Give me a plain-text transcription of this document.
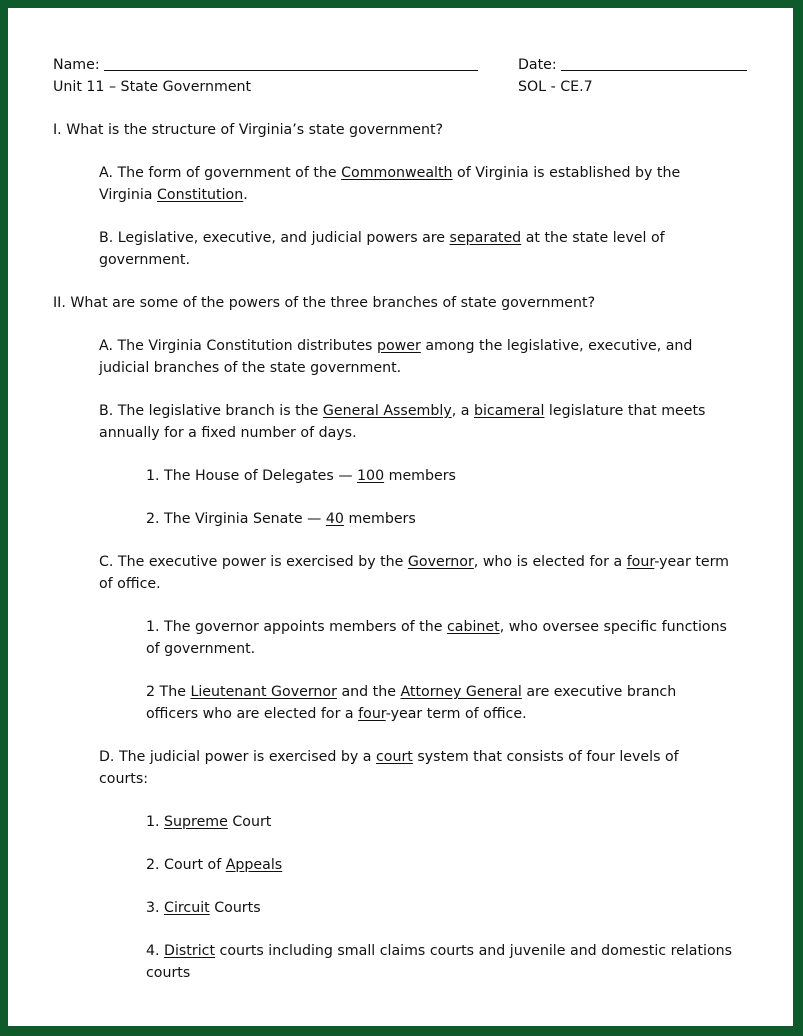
Name:	Date:
Unit 11 – State Government	SOL - CE.7
I. What is the structure of Virginia’s state government?
A. The form of government of the Commonwealth of Virginia is established by the
Virginia Constitution.
B. Legislative, executive, and judicial powers are separated at the state level of
government.
II. What are some of the powers of the three branches of state government?
A. The Virginia Constitution distributes power among the legislative, executive, and
judicial branches of the state government.
B. The legislative branch is the General Assembly, a bicameral legislature that meets
annually for a fixed number of days.
1. The House of Delegates — 100 members
2. The Virginia Senate — 40 members
C. The executive power is exercised by the Governor, who is elected for a four-year term
of office.
1. The governor appoints members of the cabinet, who oversee specific functions
of government.
2 The Lieutenant Governor and the Attorney General are executive branch
officers who are elected for a four-year term of office.
D. The judicial power is exercised by a court system that consists of four levels of
courts:
1. Supreme Court
2. Court of Appeals
3. Circuit Courts
4. District courts including small claims courts and juvenile and domestic relations
courts
